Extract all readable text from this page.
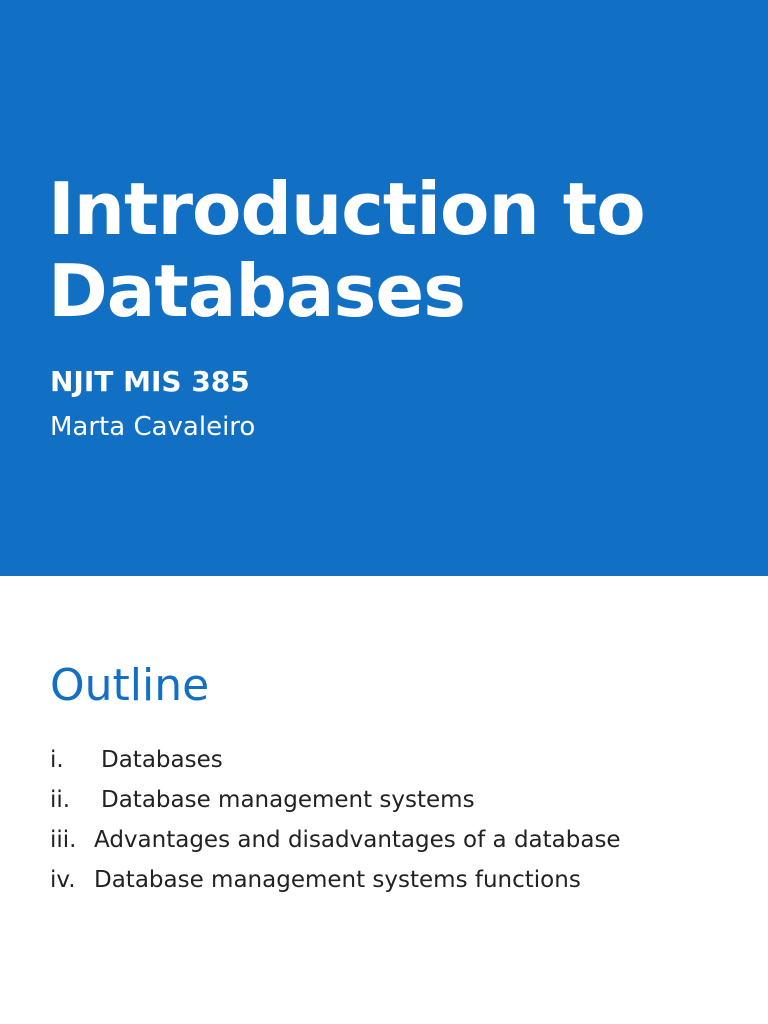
Introduction to Databases

NJIT MIS 385

Marta Cavaleiro

Outline
i. Databases
ii. Database management systems
iii. Advantages and disadvantages of a database
iv. Database management systems functions
